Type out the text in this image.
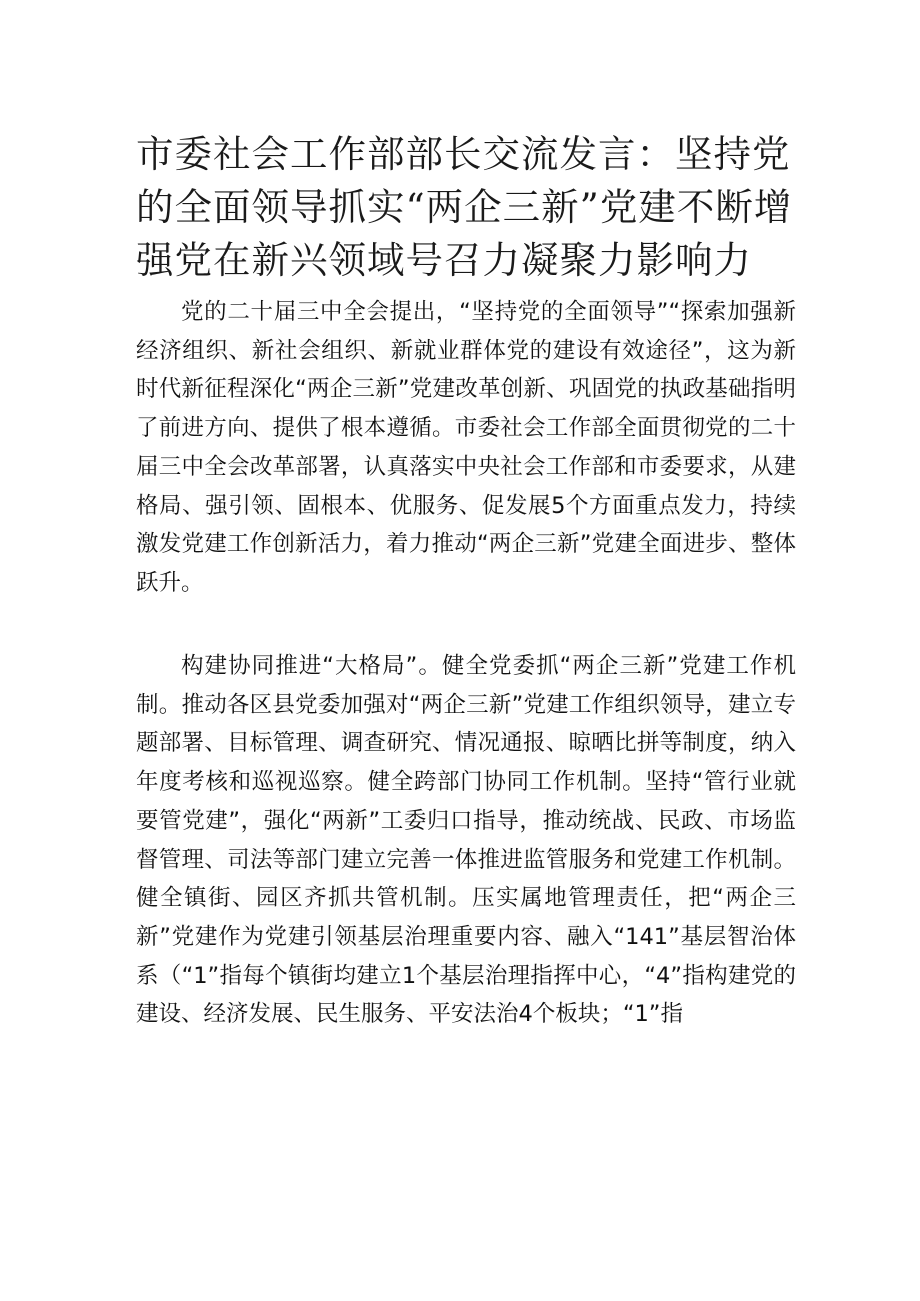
市委社会工作部部长交流发言：坚持党的全面领导抓实“两企三新”党建不断增强党在新兴领域号召力凝聚力影响力

党的二十届三中全会提出，“坚持党的全面领导”“探索加强新经济组织、新社会组织、新就业群体党的建设有效途径”，这为新时代新征程深化“两企三新”党建改革创新、巩固党的执政基础指明了前进方向、提供了根本遵循。市委社会工作部全面贯彻党的二十届三中全会改革部署，认真落实中央社会工作部和市委要求，从建格局、强引领、固根本、优服务、促发展5个方面重点发力，持续激发党建工作创新活力，着力推动“两企三新”党建全面进步、整体跃升。

构建协同推进“大格局”。健全党委抓“两企三新”党建工作机制。推动各区县党委加强对“两企三新”党建工作组织领导，建立专题部署、目标管理、调查研究、情况通报、晾晒比拼等制度，纳入年度考核和巡视巡察。健全跨部门协同工作机制。坚持“管行业就要管党建”，强化“两新”工委归口指导，推动统战、民政、市场监督管理、司法等部门建立完善一体推进监管服务和党建工作机制。健全镇街、园区齐抓共管机制。压实属地管理责任，把“两企三新”党建作为党建引领基层治理重要内容、融入“141”基层智治体系（“1”指每个镇街均建立1个基层治理指挥中心，“4”指构建党的建设、经济发展、民生服务、平安法治4个板块；“1”指
